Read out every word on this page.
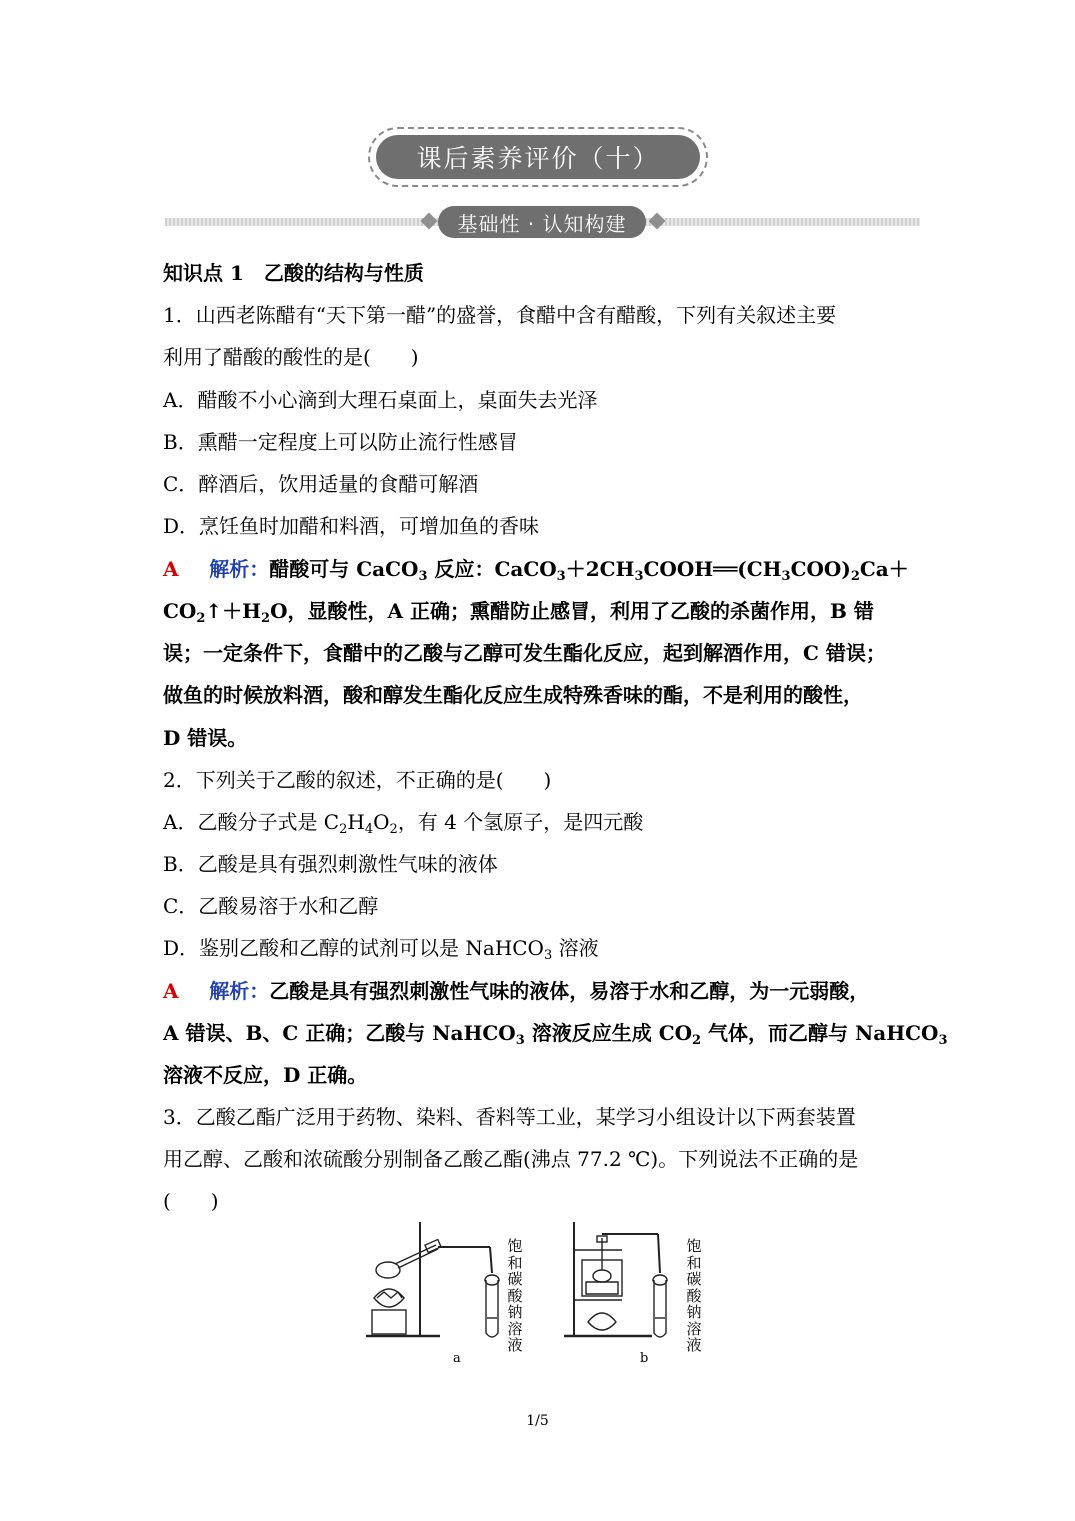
课后素养评价（十）
基础性 · 认知构建
知识点 1　乙酸的结构与性质
1．山西老陈醋有“天下第一醋”的盛誉，食醋中含有醋酸，下列有关叙述主要
利用了醋酸的酸性的是(　　)
A．醋酸不小心滴到大理石桌面上，桌面失去光泽
B．熏醋一定程度上可以防止流行性感冒
C．醉酒后，饮用适量的食醋可解酒
D．烹饪鱼时加醋和料酒，可增加鱼的香味
A 解析：醋酸可与 CaCO$_3$ 反应：$CaCO_3+2CH_3COOH══(CH_3COO)_2Ca+$
$CO_2↑+H_2O$，显酸性，A 正确；熏醋防止感冒，利用了乙酸的杀菌作用，B 错
误；一定条件下，食醋中的乙酸与乙醇可发生酯化反应，起到解酒作用，C 错误；
做鱼的时候放料酒，酸和醇发生酯化反应生成特殊香味的酯，不是利用的酸性，
D 错误。
2．下列关于乙酸的叙述，不正确的是(　　)
A．乙酸分子式是 $C_2H_4O_2$，有 4 个氢原子，是四元酸
B．乙酸是具有强烈刺激性气味的液体
C．乙酸易溶于水和乙醇
D．鉴别乙酸和乙醇的试剂可以是 NaHCO$_3$ 溶液
A 解析：乙酸是具有强烈刺激性气味的液体，易溶于水和乙醇，为一元弱酸，
A 错误、B、C 正确；乙酸与 NaHCO$_3$ 溶液反应生成 $CO_2$ 气体，而乙醇与 NaHCO$_3$
溶液不反应，D 正确。
3．乙酸乙酯广泛用于药物、染料、香料等工业，某学习小组设计以下两套装置
用乙醇、乙酸和浓硫酸分别制备乙酸乙酯(沸点 77.2 ℃)。下列说法不正确的是
(　　)
饱和碳酸钠溶液
饱和碳酸钠溶液
a	b
1/5
